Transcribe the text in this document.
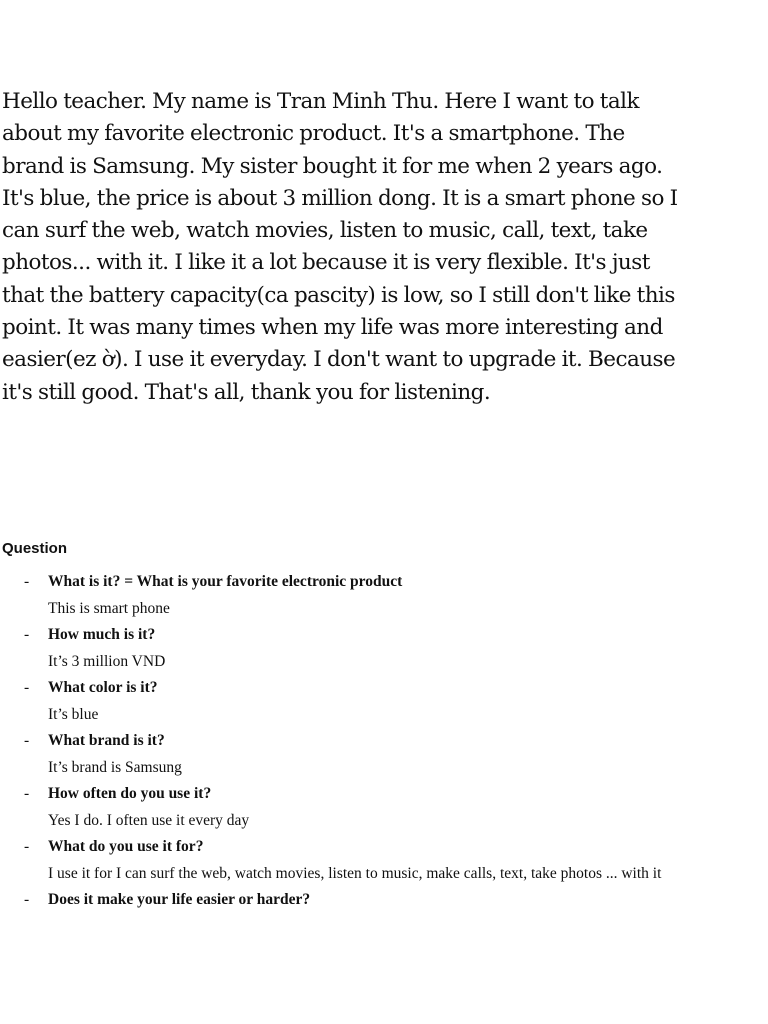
Hello teacher. My name is Tran Minh Thu. Here I want to talk about my favorite electronic product. It's a smartphone. The brand is Samsung. My sister bought it for me when 2 years ago. It's blue, the price is about 3 million dong. It is a smart phone so I can surf the web, watch movies, listen to music, call, text, take photos... with it. I like it a lot because it is very flexible. It's just that the battery capacity(ca pascity) is low, so I still don't like this point. It was many times when my life was more interesting and easier(ez ờ). I use it everyday. I don't want to upgrade it. Because it's still good. That's all, thank you for listening.

Question
- What is it? = What is your favorite electronic product
This is smart phone
- How much is it?
It’s 3 million VND
- What color is it?
It’s blue
- What brand is it?
It’s brand is Samsung
- How often do you use it?
Yes I do. I often use it every day
- What do you use it for?
I use it for I can surf the web, watch movies, listen to music, make calls, text, take photos ... with it
- Does it make your life easier or harder?
